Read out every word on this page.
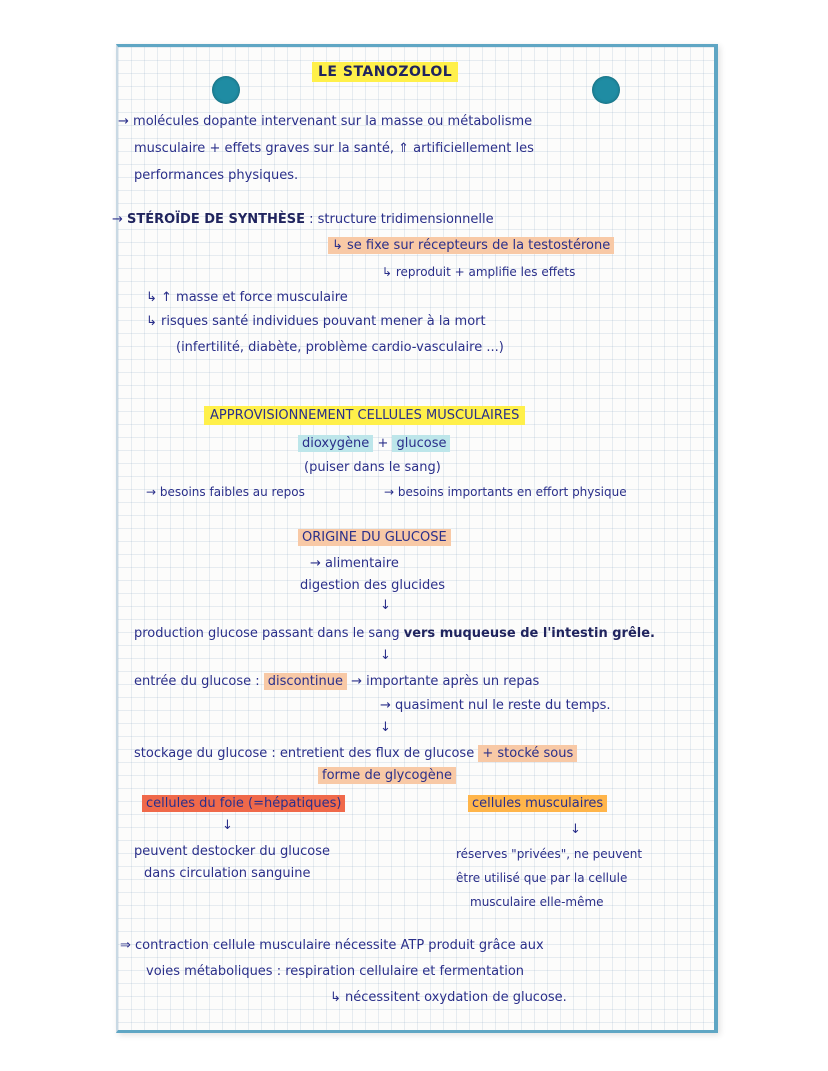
LE STANOZOLOL
→ molécules dopante intervenant sur la masse ou métabolisme
musculaire + effets graves sur la santé, ⇑ artificiellement les
performances physiques.
→ STÉROÏDE DE SYNTHÈSE : structure tridimensionnelle
↳ se fixe sur récepteurs de la testostérone
↳ reproduit + amplifie les effets
↳ ↑ masse et force musculaire
↳ risques santé individues pouvant mener à la mort
(infertilité, diabète, problème cardio-vasculaire ...)
APPROVISIONNEMENT CELLULES MUSCULAIRES
dioxygène + glucose
(puiser dans le sang)
→ besoins faibles au repos	→ besoins importants en effort physique
ORIGINE DU GLUCOSE
→ alimentaire
digestion des glucides
↓
production glucose passant dans le sang vers muqueuse de l'intestin grêle.
↓
entrée du glucose : discontinue → importante après un repas
→ quasiment nul le reste du temps.
↓
stockage du glucose : entretient des flux de glucose + stocké sous
forme de glycogène
cellules du foie (=hépatiques)
↓
peuvent destocker du glucose
dans circulation sanguine
cellules musculaires
↓
réserves "privées", ne peuvent
être utilisé que par la cellule
musculaire elle-même
⇒ contraction cellule musculaire nécessite ATP produit grâce aux
voies métaboliques : respiration cellulaire et fermentation
↳ nécessitent oxydation de glucose.
